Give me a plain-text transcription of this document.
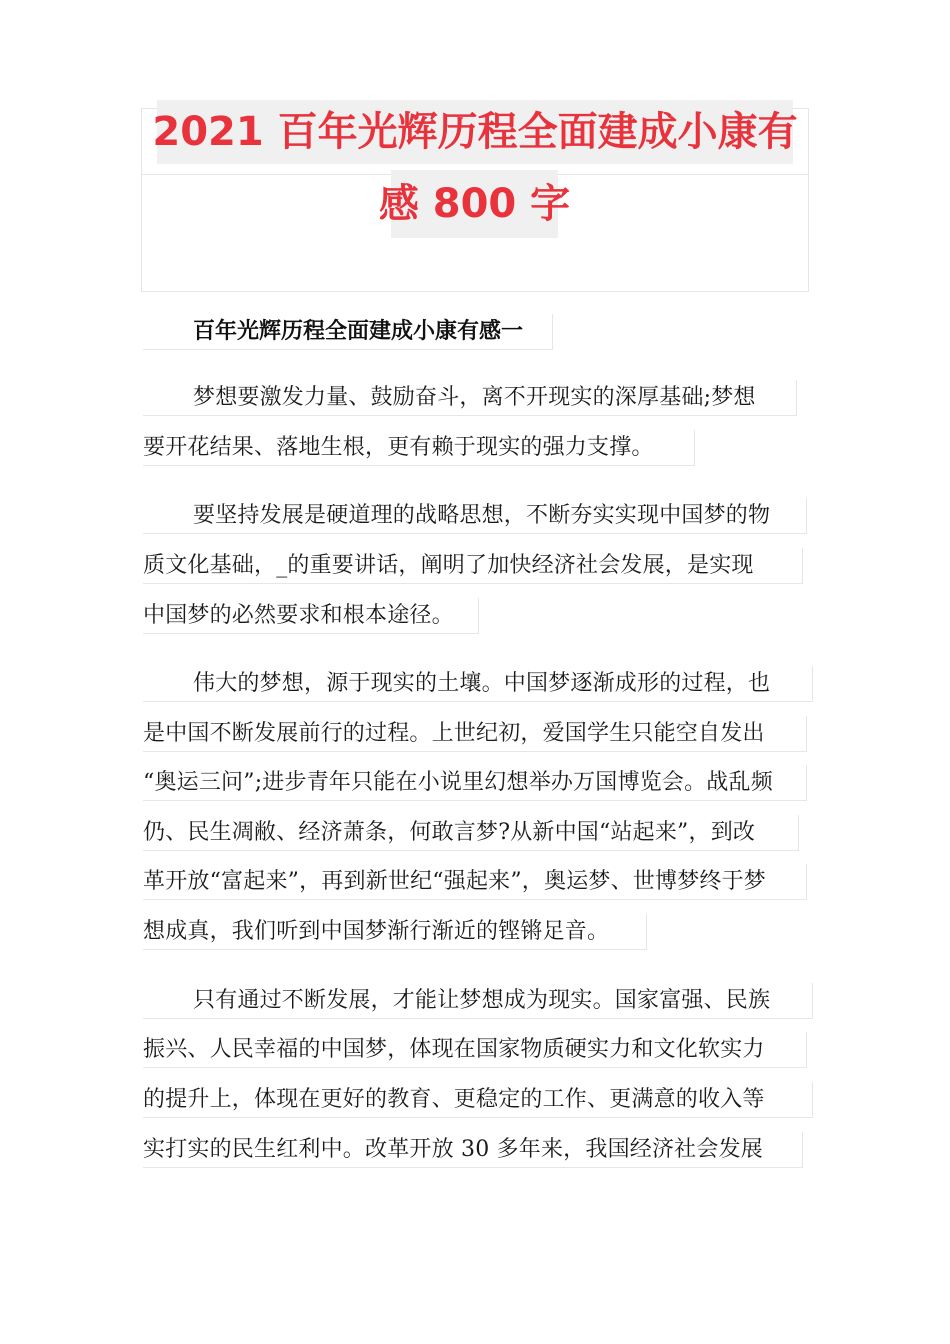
2021 百年光辉历程全面建成小康有
感 800 字
百年光辉历程全面建成小康有感一
梦想要激发力量、鼓励奋斗，离不开现实的深厚基础;梦想
要开花结果、落地生根，更有赖于现实的强力支撑。
要坚持发展是硬道理的战略思想，不断夯实实现中国梦的物
质文化基础，_的重要讲话，阐明了加快经济社会发展，是实现
中国梦的必然要求和根本途径。
伟大的梦想，源于现实的土壤。中国梦逐渐成形的过程，也
是中国不断发展前行的过程。上世纪初，爱国学生只能空自发出
“奥运三问”;进步青年只能在小说里幻想举办万国博览会。战乱频
仍、民生凋敝、经济萧条，何敢言梦?从新中国“站起来”，到改
革开放“富起来”，再到新世纪“强起来”，奥运梦、世博梦终于梦
想成真，我们听到中国梦渐行渐近的铿锵足音。
只有通过不断发展，才能让梦想成为现实。国家富强、民族
振兴、人民幸福的中国梦，体现在国家物质硬实力和文化软实力
的提升上，体现在更好的教育、更稳定的工作、更满意的收入等
实打实的民生红利中。改革开放 30 多年来，我国经济社会发展
